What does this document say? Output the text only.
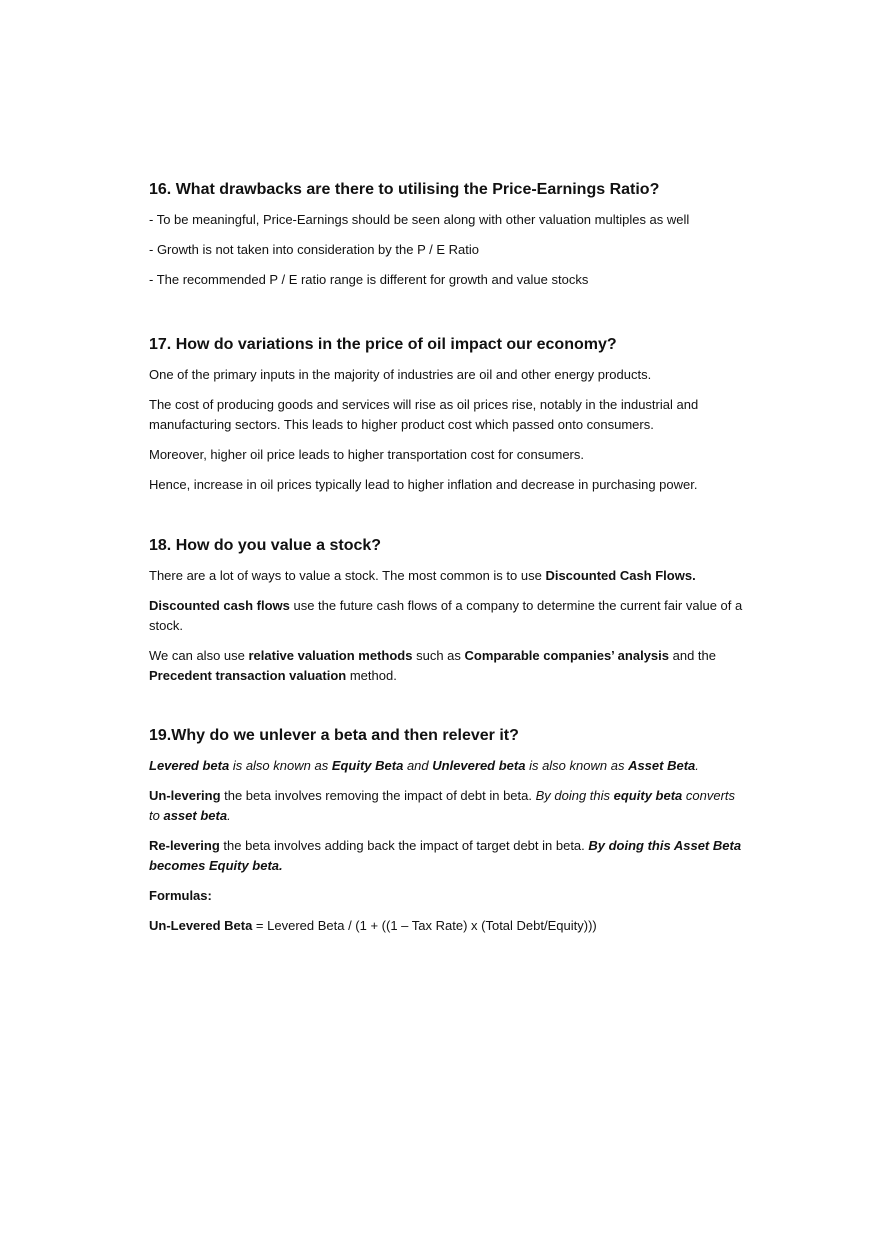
16. What drawbacks are there to utilising the Price-Earnings Ratio?

- To be meaningful, Price-Earnings should be seen along with other valuation multiples as well

- Growth is not taken into consideration by the P / E Ratio

- The recommended P / E ratio range is different for growth and value stocks

17. How do variations in the price of oil impact our economy?

One of the primary inputs in the majority of industries are oil and other energy products.

The cost of producing goods and services will rise as oil prices rise, notably in the industrial and manufacturing sectors. This leads to higher product cost which passed onto consumers.

Moreover, higher oil price leads to higher transportation cost for consumers.

Hence, increase in oil prices typically lead to higher inflation and decrease in purchasing power.

18. How do you value a stock?

There are a lot of ways to value a stock. The most common is to use Discounted Cash Flows.

Discounted cash flows use the future cash flows of a company to determine the current fair value of a stock.

We can also use relative valuation methods such as Comparable companies’ analysis and the Precedent transaction valuation method.

19.Why do we unlever a beta and then relever it?

Levered beta is also known as Equity Beta and Unlevered beta is also known as Asset Beta.

Un-levering the beta involves removing the impact of debt in beta. By doing this equity beta converts to asset beta.

Re-levering the beta involves adding back the impact of target debt in beta. By doing this Asset Beta becomes Equity beta.

Formulas:

Un-Levered Beta = Levered Beta / (1 + ((1 – Tax Rate) x (Total Debt/Equity)))
